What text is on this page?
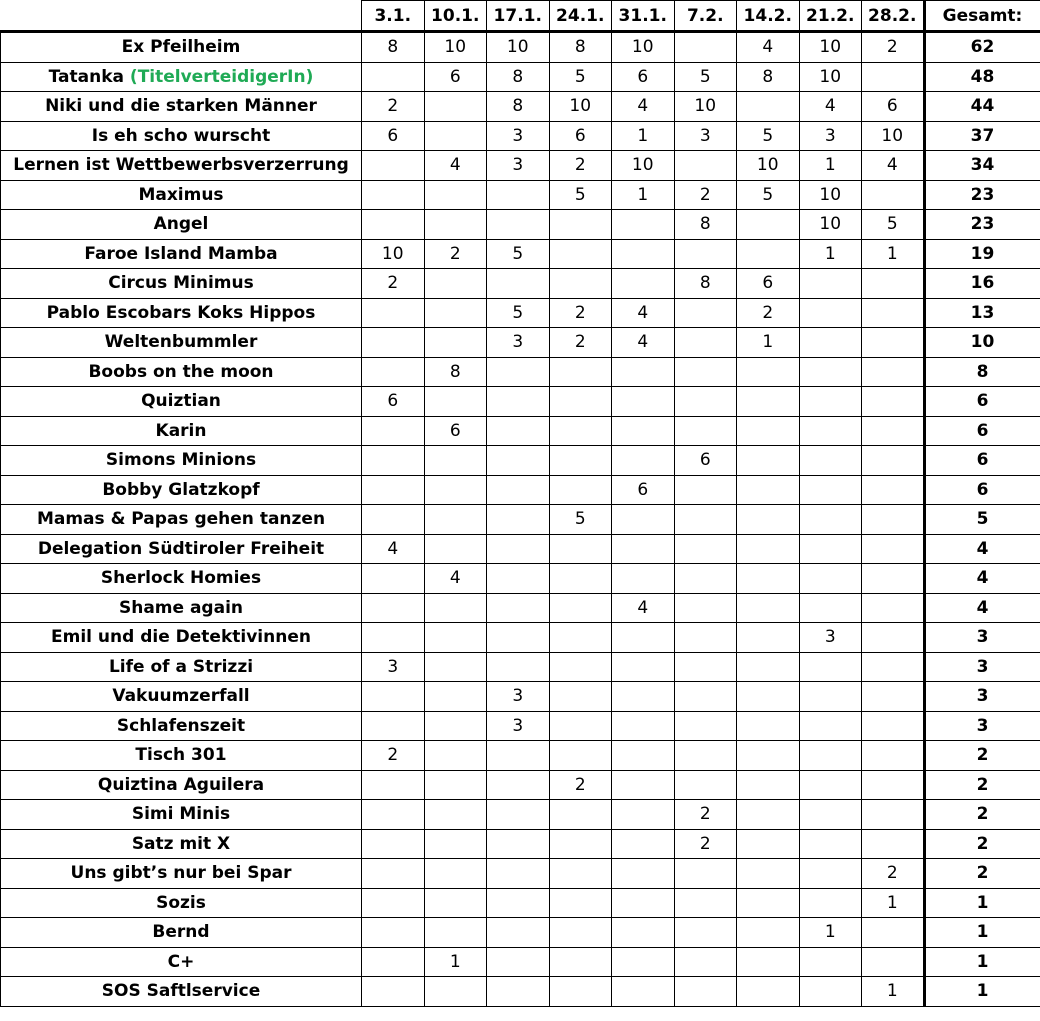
	3.1.	10.1.	17.1.	24.1.	31.1.	7.2.	14.2.	21.2.	28.2.	Gesamt:
Ex Pfeilheim	8	10	10	8	10		4	10	2	62
Tatanka (TitelverteidigerIn)		6	8	5	6	5	8	10		48
Niki und die starken Männer	2		8	10	4	10		4	6	44
Is eh scho wurscht	6		3	6	1	3	5	3	10	37
Lernen ist Wettbewerbsverzerrung		4	3	2	10		10	1	4	34
Maximus				5	1	2	5	10		23
Angel						8		10	5	23
Faroe Island Mamba	10	2	5					1	1	19
Circus Minimus	2					8	6			16
Pablo Escobars Koks Hippos			5	2	4		2			13
Weltenbummler			3	2	4		1			10
Boobs on the moon		8								8
Quiztian	6									6
Karin		6								6
Simons Minions						6				6
Bobby Glatzkopf					6					6
Mamas & Papas gehen tanzen				5						5
Delegation Südtiroler Freiheit	4									4
Sherlock Homies		4								4
Shame again					4					4
Emil und die Detektivinnen								3		3
Life of a Strizzi	3									3
Vakuumzerfall			3							3
Schlafenszeit			3							3
Tisch 301	2									2
Quiztina Aguilera				2						2
Simi Minis						2				2
Satz mit X						2				2
Uns gibt’s nur bei Spar									2	2
Sozis									1	1
Bernd								1		1
C+		1								1
SOS Saftlservice									1	1
